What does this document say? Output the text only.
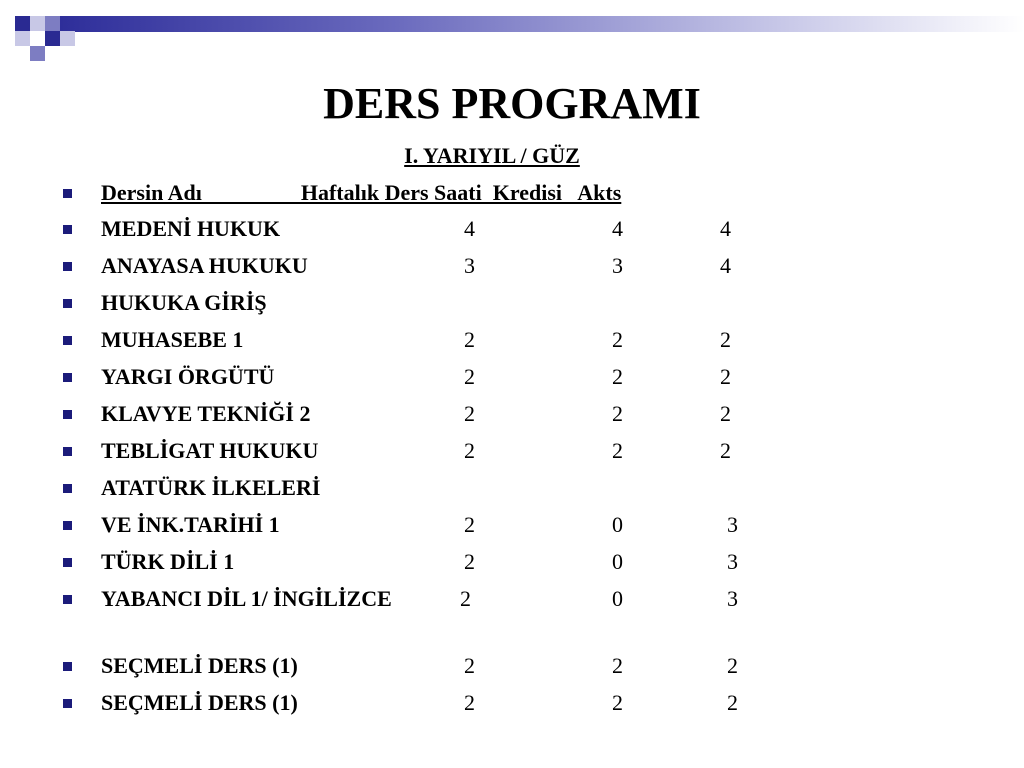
DERS PROGRAMI
I. YARIYIL / GÜZ
Dersin Adı                  Haftalık Ders Saati  Kredisi   Akts
MEDENİ HUKUK	4	4	4
ANAYASA HUKUKU	3	3	4
HUKUKA GİRİŞ
MUHASEBE 1	2	2	2
YARGI ÖRGÜTÜ	2	2	2
KLAVYE TEKNİĞİ 2	2	2	2
TEBLİGAT HUKUKU	2	2	2
ATATÜRK İLKELERİ
VE İNK.TARİHİ 1	2	0	3
TÜRK DİLİ 1	2	0	3
YABANCI DİL 1/ İNGİLİZCE	2	0	3
SEÇMELİ DERS (1)	2	2	2
SEÇMELİ DERS (1)	2	2	2
